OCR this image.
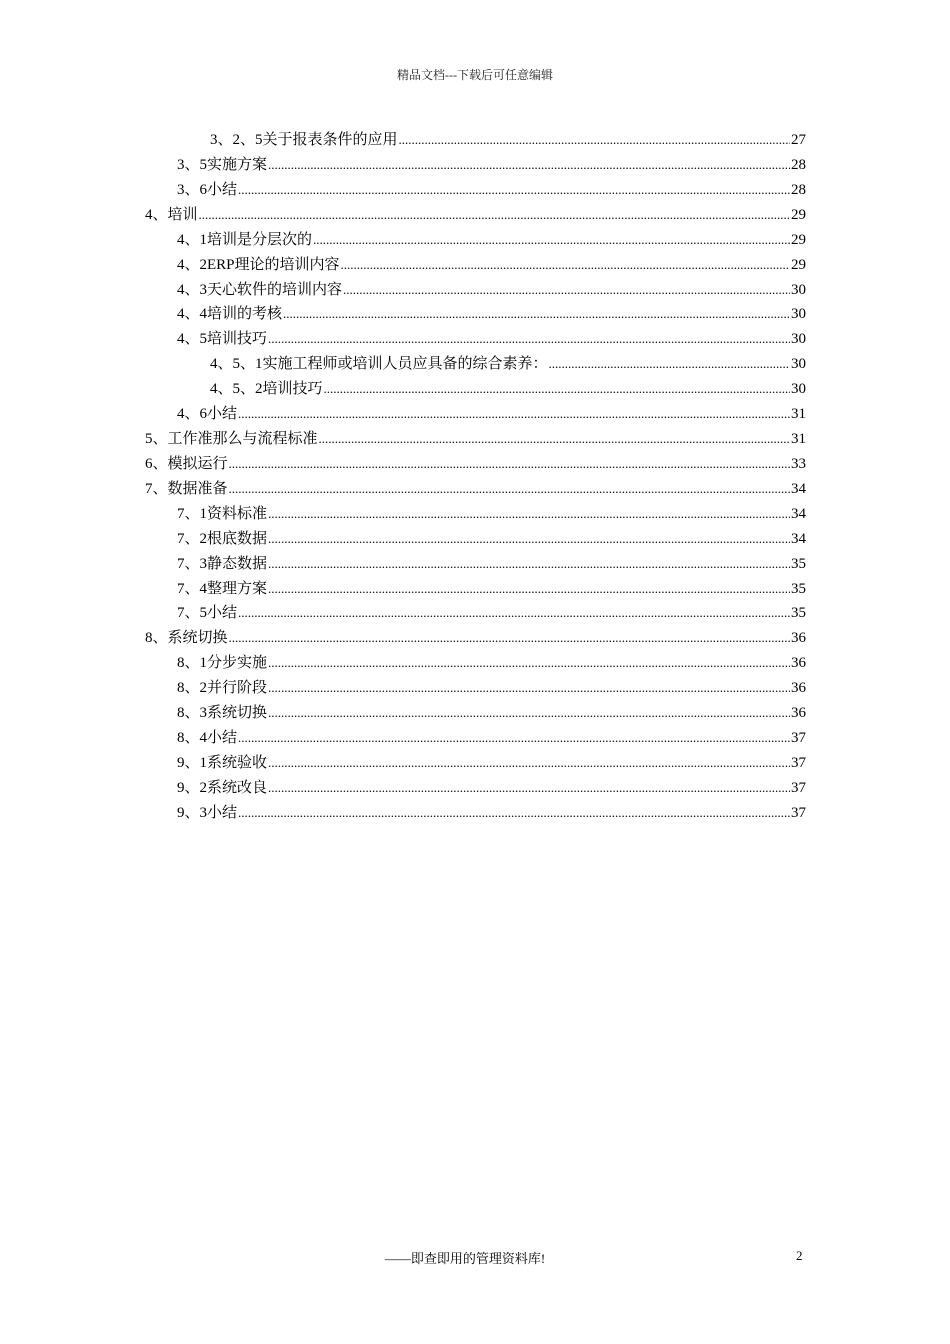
精品文档---下载后可任意编辑
3、2、5关于报表条件的应用 .....	27
3、5实施方案 .....	28
3、6小结 .....	28
4、培训 .....	29
4、1培训是分层次的 .....	29
4、2ERP理论的培训内容 .....	29
4、3天心软件的培训内容 .....	30
4、4培训的考核 .....	30
4、5培训技巧 .....	30
4、5、1实施工程师或培训人员应具备的综合素养： .....	30
4、5、2培训技巧 .....	30
4、6小结 .....	31
5、工作准那么与流程标准 .....	31
6、模拟运行 .....	33
7、数据准备 .....	34
7、1资料标准 .....	34
7、2根底数据 .....	34
7、3静态数据 .....	35
7、4整理方案 .....	35
7、5小结 .....	35
8、系统切换 .....	36
8、1分步实施 .....	36
8、2并行阶段 .....	36
8、3系统切换 .....	36
8、4小结 .....	37
9、1系统验收 .....	37
9、2系统改良 .....	37
9、3小结 .....	37
——即查即用的管理资料库!	2
